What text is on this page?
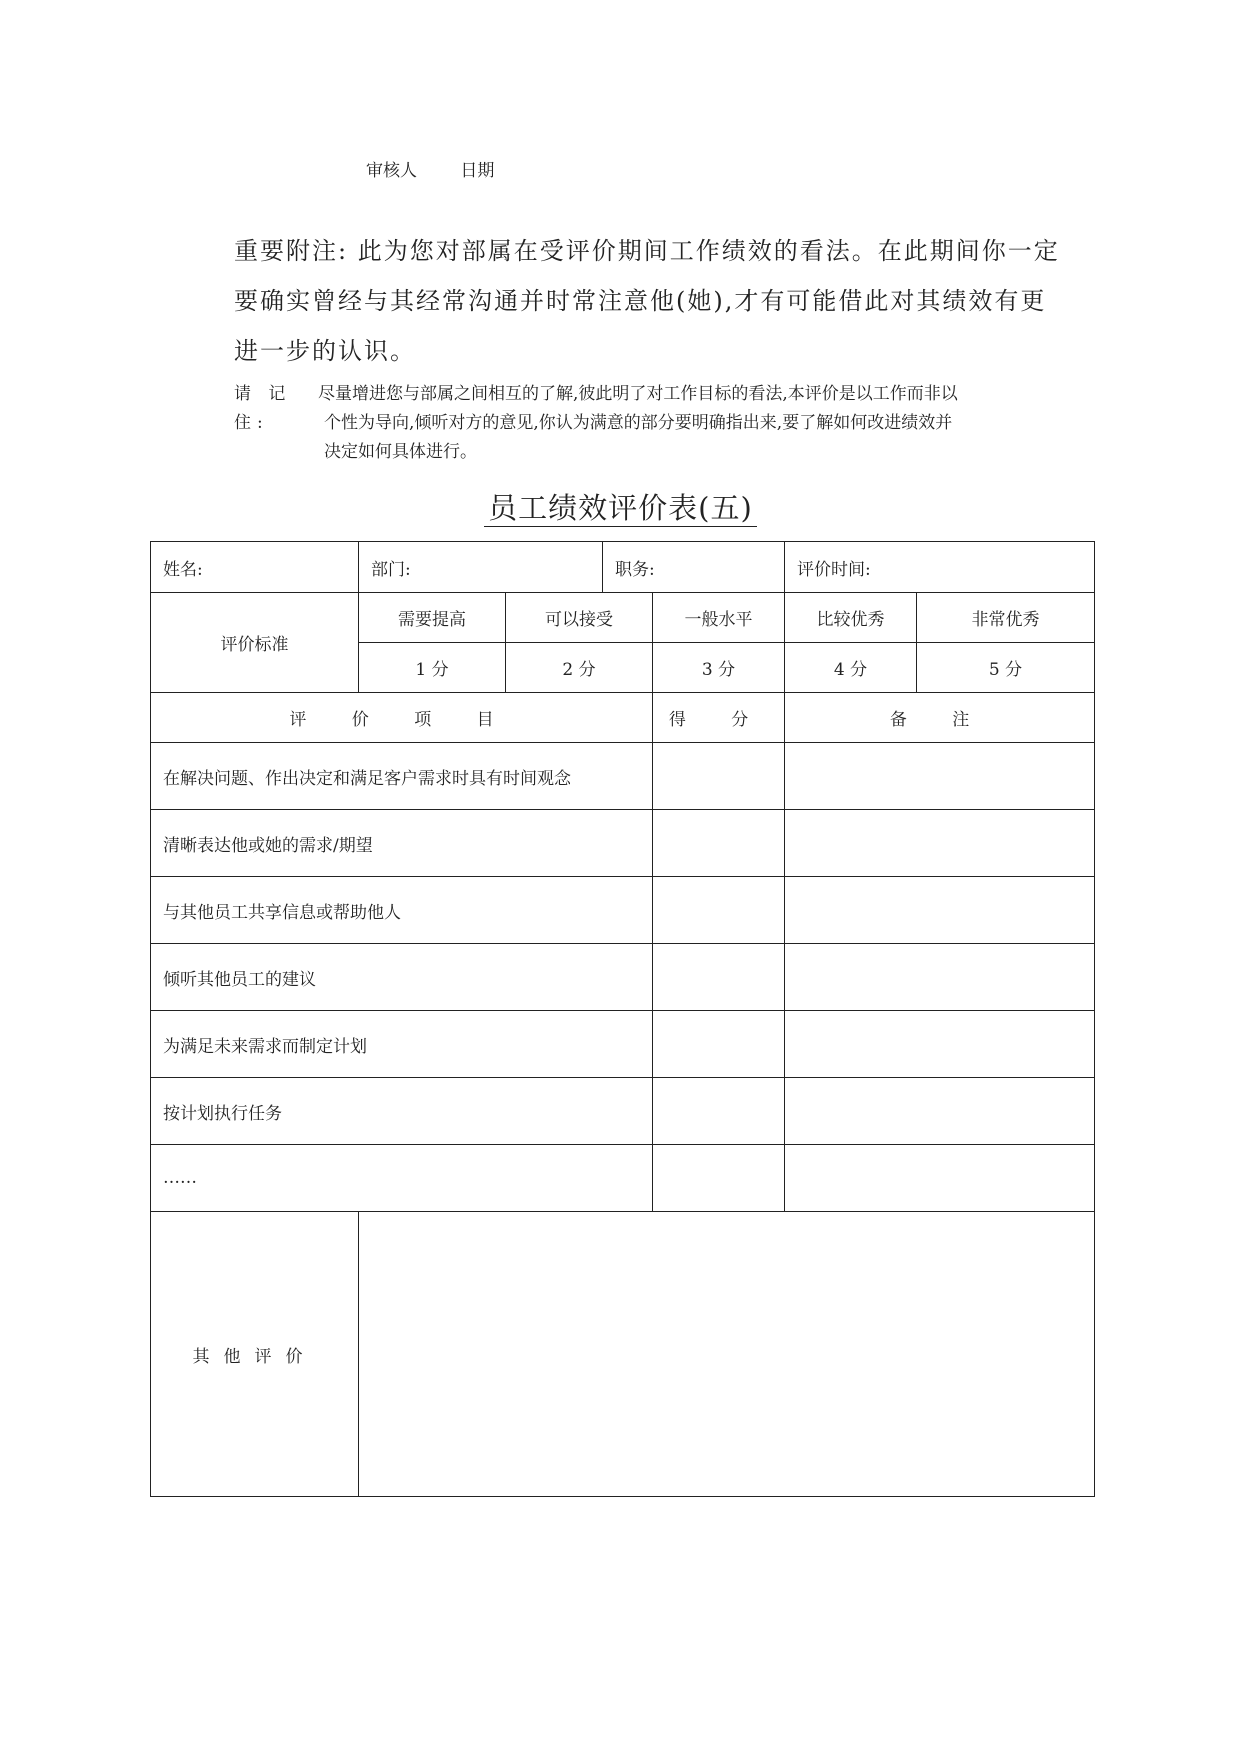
审核人	日期
重要附注: 此为您对部属在受评价期间工作绩效的看法。在此期间你一定要确实曾经与其经常沟通并时常注意他(她),才有可能借此对其绩效有更进一步的认识。
请 记 住:
尽量增进您与部属之间相互的了解,彼此明了对工作目标的看法,本评价是以工作而非以
个性为导向,倾听对方的意见,你认为满意的部分要明确指出来,要了解如何改进绩效并
决定如何具体进行。
员工绩效评价表(五)
姓名:	部门:		职务:		评价时间:	
评价标准	需要提高	可以接受		一般水平	比较优秀	非常优秀
	1 分	2 分		3 分	4 分	5 分
评 价 项 目				得 分	备 注	
在解决问题、作出决定和满足客户需求时具有时间观念						
清晰表达他或她的需求/期望						
与其他员工共享信息或帮助他人						
倾听其他员工的建议						
为满足未来需求而制定计划						
按计划执行任务						
……						
其他评价						
